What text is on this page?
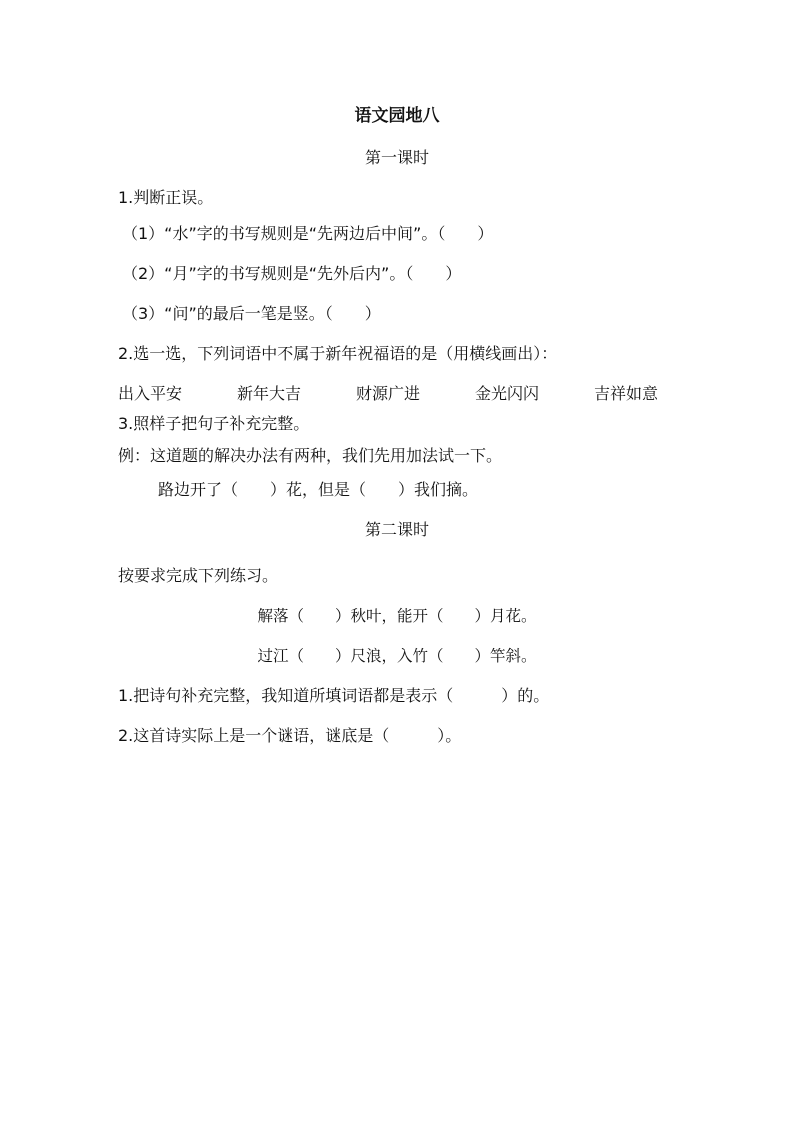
语文园地八
第一课时
1.判断正误。
（1）“水”字的书写规则是“先两边后中间”。（　　）
（2）“月”字的书写规则是“先外后内”。（　　）
（3）“问”的最后一笔是竖。（　　）
2.选一选，下列词语中不属于新年祝福语的是（用横线画出）：
出入平安	新年大吉	财源广进	金光闪闪	吉祥如意
3.照样子把句子补充完整。
例：这道题的解决办法有两种，我们先用加法试一下。
路边开了（　　）花，但是（　　）我们摘。
第二课时
按要求完成下列练习。
解落（　　）秋叶，能开（　　）月花。
过江（　　）尺浪，入竹（　　）竿斜。
1.把诗句补充完整，我知道所填词语都是表示（　　　）的。
2.这首诗实际上是一个谜语，谜底是（　　　）。
